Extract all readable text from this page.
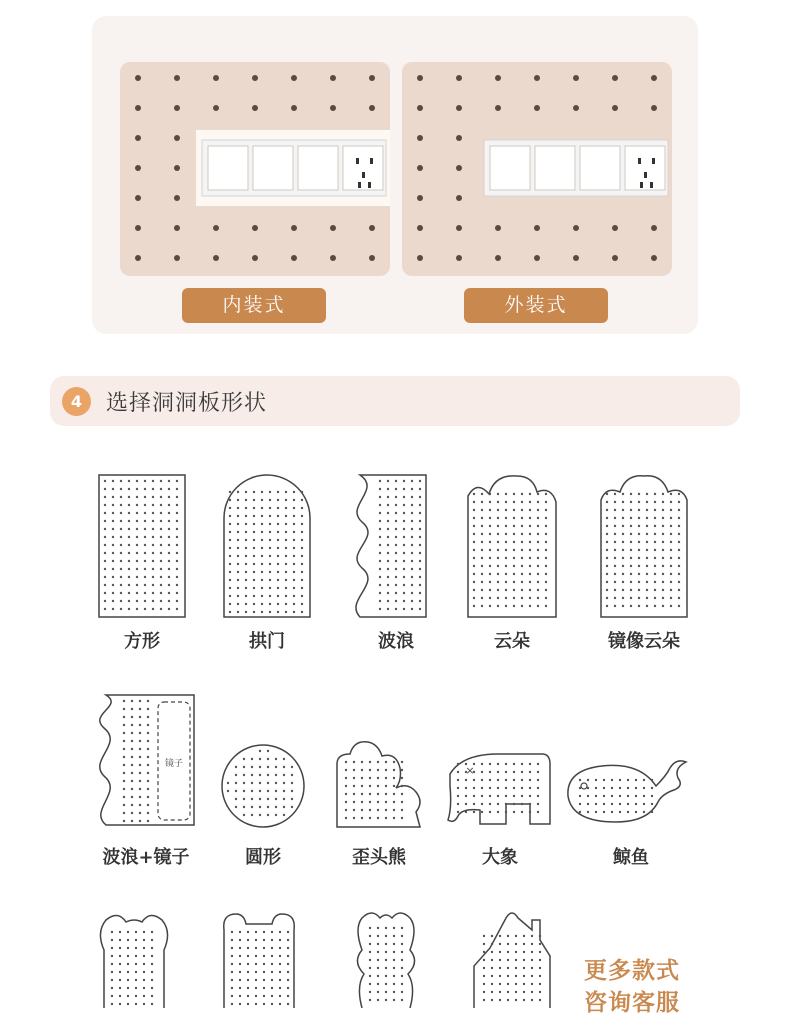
内装式	外装式
4	选择洞洞板形状
方形	拱门	波浪	云朵	镜像云朵
镜子
波浪+镜子	圆形	歪头熊
×
大象	鲸鱼
更多款式
咨询客服
